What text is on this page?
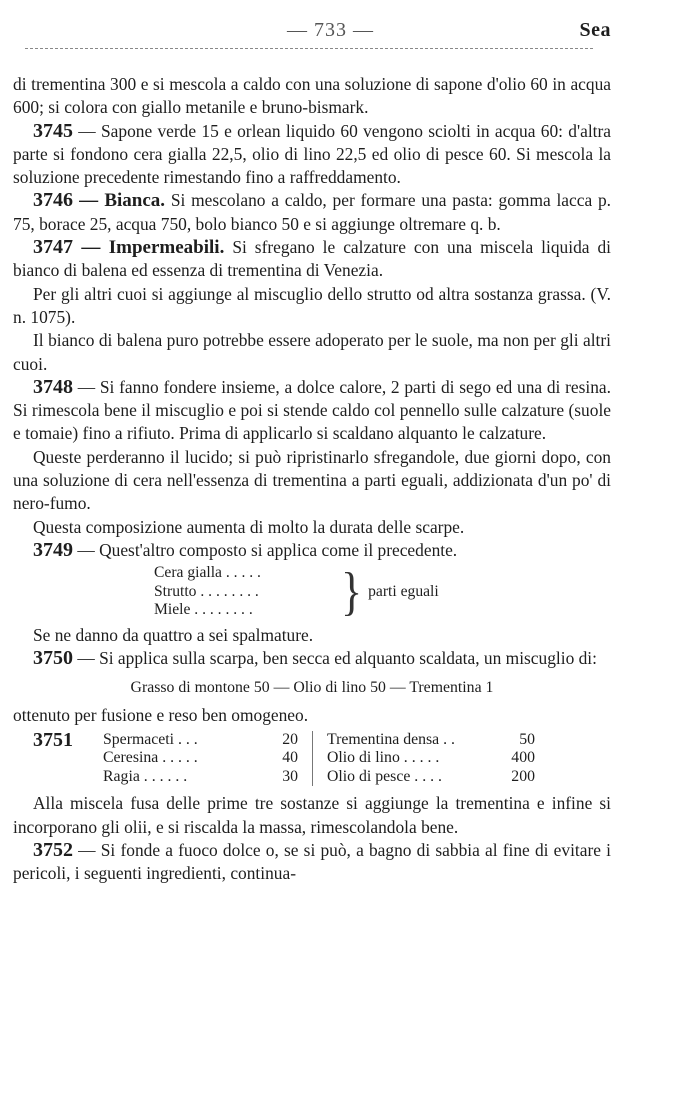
— 733 —	Sea

di trementina 300 e si mescola a caldo con una soluzione di sapone d'olio 60 in acqua 600; si colora con giallo metanile e bruno-bismark.

3745 — Sapone verde 15 e orlean liquido 60 vengono sciolti in acqua 60: d'altra parte si fondono cera gialla 22,5, olio di lino 22,5 ed olio di pesce 60. Si mescola la soluzione precedente rimestando fino a raffreddamento.

3746 — Bianca. Si mescolano a caldo, per formare una pasta: gomma lacca p. 75, borace 25, acqua 750, bolo bianco 50 e si aggiunge oltremare q. b.

3747 — Impermeabili. Si sfregano le calzature con una miscela liquida di bianco di balena ed essenza di trementina di Venezia.

Per gli altri cuoi si aggiunge al miscuglio dello strutto od altra sostanza grassa. (V. n. 1075).

Il bianco di balena puro potrebbe essere adoperato per le suole, ma non per gli altri cuoi.

3748 — Si fanno fondere insieme, a dolce calore, 2 parti di sego ed una di resina. Si rimescola bene il miscuglio e poi si stende caldo col pennello sulle calzature (suole e tomaie) fino a rifiuto. Prima di applicarlo si scaldano alquanto le calzature.

Queste perderanno il lucido; si può ripristinarlo sfregandole, due giorni dopo, con una soluzione di cera nell'essenza di trementina a parti eguali, addizionata d'un po' di nero-fumo.

Questa composizione aumenta di molto la durata delle scarpe.

3749 — Quest'altro composto si applica come il precedente.

Cera gialla . . . . .
Strutto . . . . . . . .
Miele . . . . . . . .	} parti eguali

Se ne danno da quattro a sei spalmature.

3750 — Si applica sulla scarpa, ben secca ed alquanto scaldata, un miscuglio di:

Grasso di montone 50 — Olio di lino 50 — Trementina 1

ottenuto per fusione e reso ben omogeneo.

3751	Spermaceti . . .	20	Trementina densa . .	50
Ceresina . . . . .	40	Olio di lino . . . . .	400
Ragia . . . . . .	30	Olio di pesce . . . .	200

Alla miscela fusa delle prime tre sostanze si aggiunge la trementina e infine si incorporano gli olii, e si riscalda la massa, rimescolandola bene.

3752 — Si fonde a fuoco dolce o, se si può, a bagno di sabbia al fine di evitare i pericoli, i seguenti ingredienti, continua-
